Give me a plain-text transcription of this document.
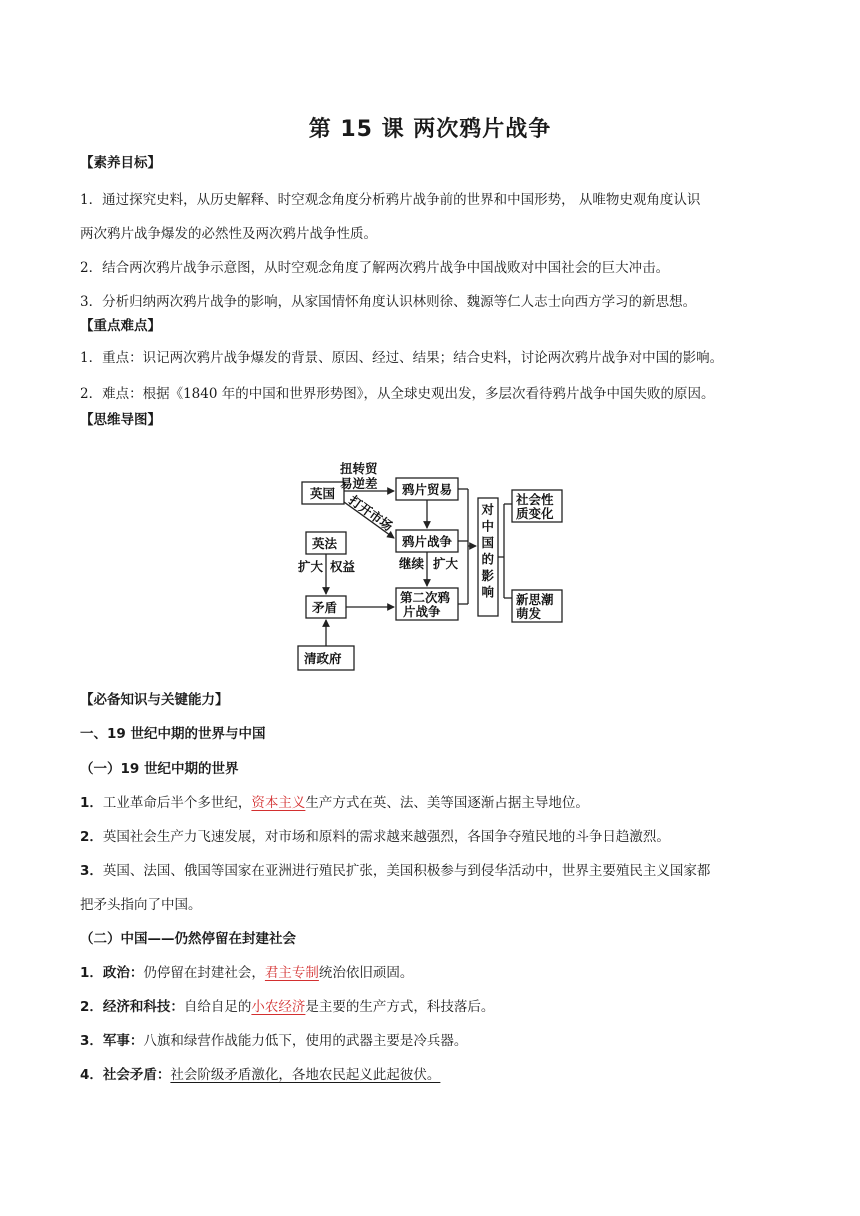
第 15 课 两次鸦片战争
【素养目标】
1．通过探究史料，从历史解释、时空观念角度分析鸦片战争前的世界和中国形势， 从唯物史观角度认识
两次鸦片战争爆发的必然性及两次鸦片战争性质。
2．结合两次鸦片战争示意图，从时空观念角度了解两次鸦片战争中国战败对中国社会的巨大冲击。
3．分析归纳两次鸦片战争的影响，从家国情怀角度认识林则徐、魏源等仁人志士向西方学习的新思想。
【重点难点】
1．重点：识记两次鸦片战争爆发的背景、原因、经过、结果；结合史料，讨论两次鸦片战争对中国的影响。
2．难点：根据《1840 年的中国和世界形势图》，从全球史观出发，多层次看待鸦片战争中国失败的原因。
【思维导图】
英国
扭转贸
易逆差 鸦片贸易
打开市场
鸦片战争
继续 扩大
第二次鸦
片战争
英法
扩大 权益
矛盾
清政府
对
中
国
的
影
响
社会性
质变化
新思潮
萌发
【必备知识与关键能力】
一、19 世纪中期的世界与中国
（一）19 世纪中期的世界
1．工业革命后半个多世纪，资本主义生产方式在英、法、美等国逐渐占据主导地位。
2．英国社会生产力飞速发展，对市场和原料的需求越来越强烈，各国争夺殖民地的斗争日趋激烈。
3．英国、法国、俄国等国家在亚洲进行殖民扩张，美国积极参与到侵华活动中，世界主要殖民主义国家都
把矛头指向了中国。
（二）中国——仍然停留在封建社会
1．政治：仍停留在封建社会，君主专制统治依旧顽固。
2．经济和科技：自给自足的小农经济是主要的生产方式，科技落后。
3．军事：八旗和绿营作战能力低下，使用的武器主要是冷兵器。
4．社会矛盾：社会阶级矛盾激化，各地农民起义此起彼伏。
